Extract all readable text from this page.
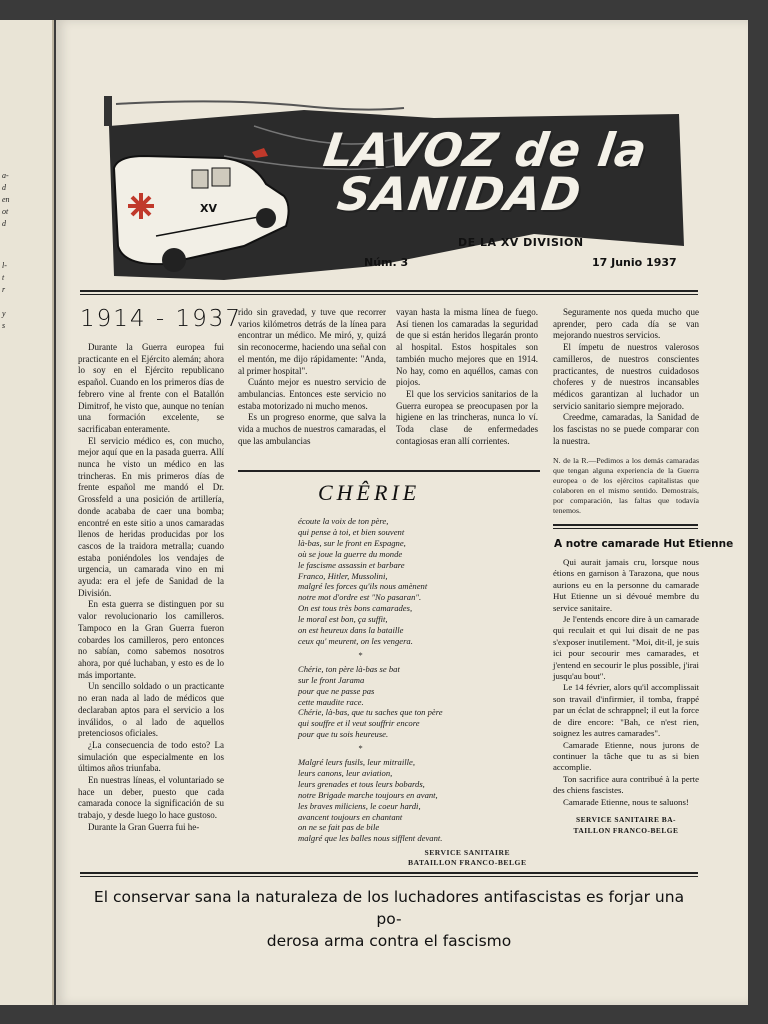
a-
d
en
ot
d
l-
t
r
y
s
XV
LAVOZ de la
SANIDAD
DE LA XV DIVISION
Núm. 3	17 Junio 1937
1914 - 1937

Durante la Guerra europea fui practicante en el Ejército alemán; ahora lo soy en el Ejército republicano español. Cuando en los primeros días de febrero vine al frente con el Batallón Dimitrof, he visto que, aunque no tenían una formación excelente, se sacrificaban enteramente.

El servicio médico es, con mucho, mejor aquí que en la pasada guerra. Allí nunca he visto un médico en las trincheras. En mis primeros días de frente español me mandó el Dr. Grossfeld a una posición de artillería, donde acababa de caer una bomba; encontré en este sitio a unos camaradas llenos de heridas producidas por los cascos de la traidora metralla; cuando estaba poniéndoles los vendajes de urgencia, un camarada vino en mi ayuda: era el jefe de Sanidad de la División.

En esta guerra se distinguen por su valor revolucionario los camilleros. Tampoco en la Gran Guerra fueron cobardes los camilleros, pero entonces no sabían, como sabemos nosotros ahora, por qué luchaban, y esto es de lo más importante.

Un sencillo soldado o un practicante no eran nada al lado de médicos que declaraban aptos para el servicio a los inválidos, o al lado de aquellos pretenciosos oficiales.

¿La consecuencia de todo esto? La simulación que especialmente en los últimos años triunfaba.

En nuestras líneas, el voluntariado se hace un deber, puesto que cada camarada conoce la significación de su trabajo, y desde luego lo hace gustoso.

Durante la Gran Guerra fui he-

rido sin gravedad, y tuve que recorrer varios kilómetros detrás de la línea para encontrar un médico. Me miró, y, quizá sin reconocerme, haciendo una señal con el mentón, me dijo rápidamente: "Anda, al primer hospital".

Cuánto mejor es nuestro servicio de ambulancias. Entonces este servicio no estaba motorizado ni mucho menos.

Es un progreso enorme, que salva la vida a muchos de nuestros camaradas, el que las ambulancias

vayan hasta la misma línea de fuego. Así tienen los camaradas la seguridad de que si están heridos llegarán pronto al hospital. Estos hospitales son también mucho mejores que en 1914. No hay, como en aquéllos, camas con piojos.

El que los servicios sanitarios de la Guerra europea se preocupasen por la higiene en las trincheras, nunca lo ví. Toda clase de enfermedades contagiosas eran allí corrientes.

Seguramente nos queda mucho que aprender, pero cada día se van mejorando nuestros servicios.

El ímpetu de nuestros valerosos camilleros, de nuestros conscientes practicantes, de nuestros cuidadosos choferes y de nuestros incansables médicos garantizan al luchador un servicio sanitario siempre mejorado.

Creedme, camaradas, la Sanidad de los fascistas no se puede comparar con la nuestra.

N. de la R.—Pedimos a los demás camaradas que tengan alguna experiencia de la Guerra europea o de los ejércitos capitalistas que colaboren en el mismo sentido. Demostrais, por comparación, las faltas que todavía tenemos.
CHÊRIE
écoute la voix de ton père,
qui pense à toi, et bien souvent
là-bas, sur le front en Espagne,
où se joue la guerre du monde
le fascisme assassin et barbare
Franco, Hitler, Mussolini,
malgré les forces qu'ils nous amènent
notre mot d'ordre est "No pasaran".
On est tous très bons camarades,
le moral est bon, ça suffit,
on est heureux dans la bataille
ceux qu' meurent, on les vengera.
*
Chérie, ton père là-bas se bat
sur le front Jarama
pour que ne passe pas
cette maudite race.
Chérie, là-bas, que tu saches que ton père
qui souffre et il veut souffrir encore
pour que tu sois heureuse.
*
Malgré leurs fusils, leur mitraille,
leurs canons, leur aviation,
leurs grenades et tous leurs bobards,
notre Brigade marche toujours en avant,
les braves miliciens, le coeur hardi,
avancent toujours en chantant
on ne se fait pas de bile
malgré que les balles nous sifflent devant.
SERVICE SANITAIRE
BATAILLON FRANCO-BELGE
A notre camarade Hut Etienne

Qui aurait jamais cru, lorsque nous étions en garnison à Tarazona, que nous aurions eu en la personne du camarade Hut Etienne un si dévoué membre du service sanitaire.

Je l'entends encore dire à un camarade qui reculait et qui lui disait de ne pas s'exposer inutilement. "Moi, dit-il, je suis ici pour secourir mes camarades, et j'entend en secourir le plus possible, j'irai jusqu'au bout".

Le 14 février, alors qu'il accomplissait son travail d'infirmier, il tomba, frappé par un éclat de schrappnel; il eut la force de dire encore: "Bah, ce n'est rien, soignez les autres camarades".

Camarade Etienne, nous jurons de continuer la tâche que tu as si bien accomplie.

Ton sacrifice aura contribué à la perte des chiens fascistes.

Camarade Etienne, nous te saluons!

SERVICE SANITAIRE BA-
TAILLON FRANCO-BELGE
El conservar sana la naturaleza de los luchadores antifascistas es forjar una po-
derosa arma contra el fascismo
